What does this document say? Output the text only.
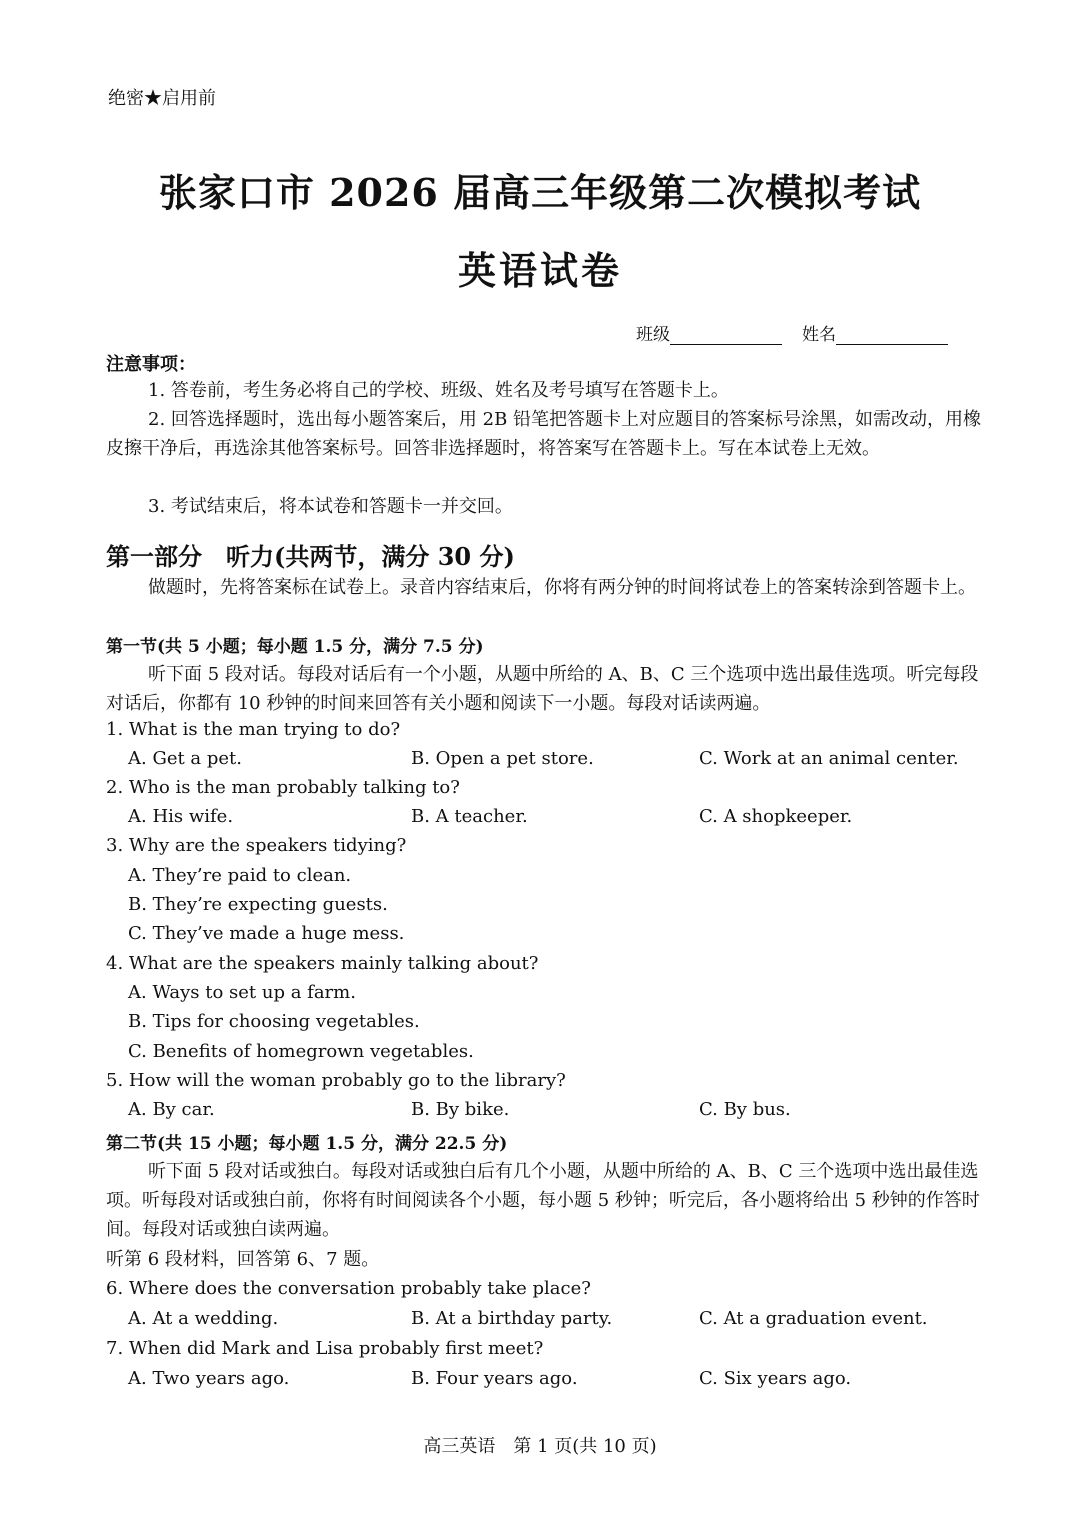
绝密★启用前
张家口市 2026 届高三年级第二次模拟考试
英语试卷
班级	姓名
注意事项：
1. 答卷前，考生务必将自己的学校、班级、姓名及考号填写在答题卡上。
2. 回答选择题时，选出每小题答案后，用 2B 铅笔把答题卡上对应题目的答案标号涂黑，如需改动，用橡皮擦干净后，再选涂其他答案标号。回答非选择题时，将答案写在答题卡上。写在本试卷上无效。
3. 考试结束后，将本试卷和答题卡一并交回。
第一部分　听力(共两节，满分 30 分)
做题时，先将答案标在试卷上。录音内容结束后，你将有两分钟的时间将试卷上的答案转涂到答题卡上。
第一节(共 5 小题；每小题 1.5 分，满分 7.5 分)
听下面 5 段对话。每段对话后有一个小题，从题中所给的 A、B、C 三个选项中选出最佳选项。听完每段对话后，你都有 10 秒钟的时间来回答有关小题和阅读下一小题。每段对话读两遍。
1. What is the man trying to do?
A. Get a pet.	B. Open a pet store.	C. Work at an animal center.
2. Who is the man probably talking to?
A. His wife.	B. A teacher.	C. A shopkeeper.
3. Why are the speakers tidying?
A. They’re paid to clean.
B. They’re expecting guests.
C. They’ve made a huge mess.
4. What are the speakers mainly talking about?
A. Ways to set up a farm.
B. Tips for choosing vegetables.
C. Benefits of homegrown vegetables.
5. How will the woman probably go to the library?
A. By car.	B. By bike.	C. By bus.
第二节(共 15 小题；每小题 1.5 分，满分 22.5 分)
听下面 5 段对话或独白。每段对话或独白后有几个小题，从题中所给的 A、B、C 三个选项中选出最佳选项。听每段对话或独白前，你将有时间阅读各个小题，每小题 5 秒钟；听完后，各小题将给出 5 秒钟的作答时间。每段对话或独白读两遍。
听第 6 段材料，回答第 6、7 题。
6. Where does the conversation probably take place?
A. At a wedding.	B. At a birthday party.	C. At a graduation event.
7. When did Mark and Lisa probably first meet?
A. Two years ago.	B. Four years ago.	C. Six years ago.
高三英语　第 1 页(共 10 页)
